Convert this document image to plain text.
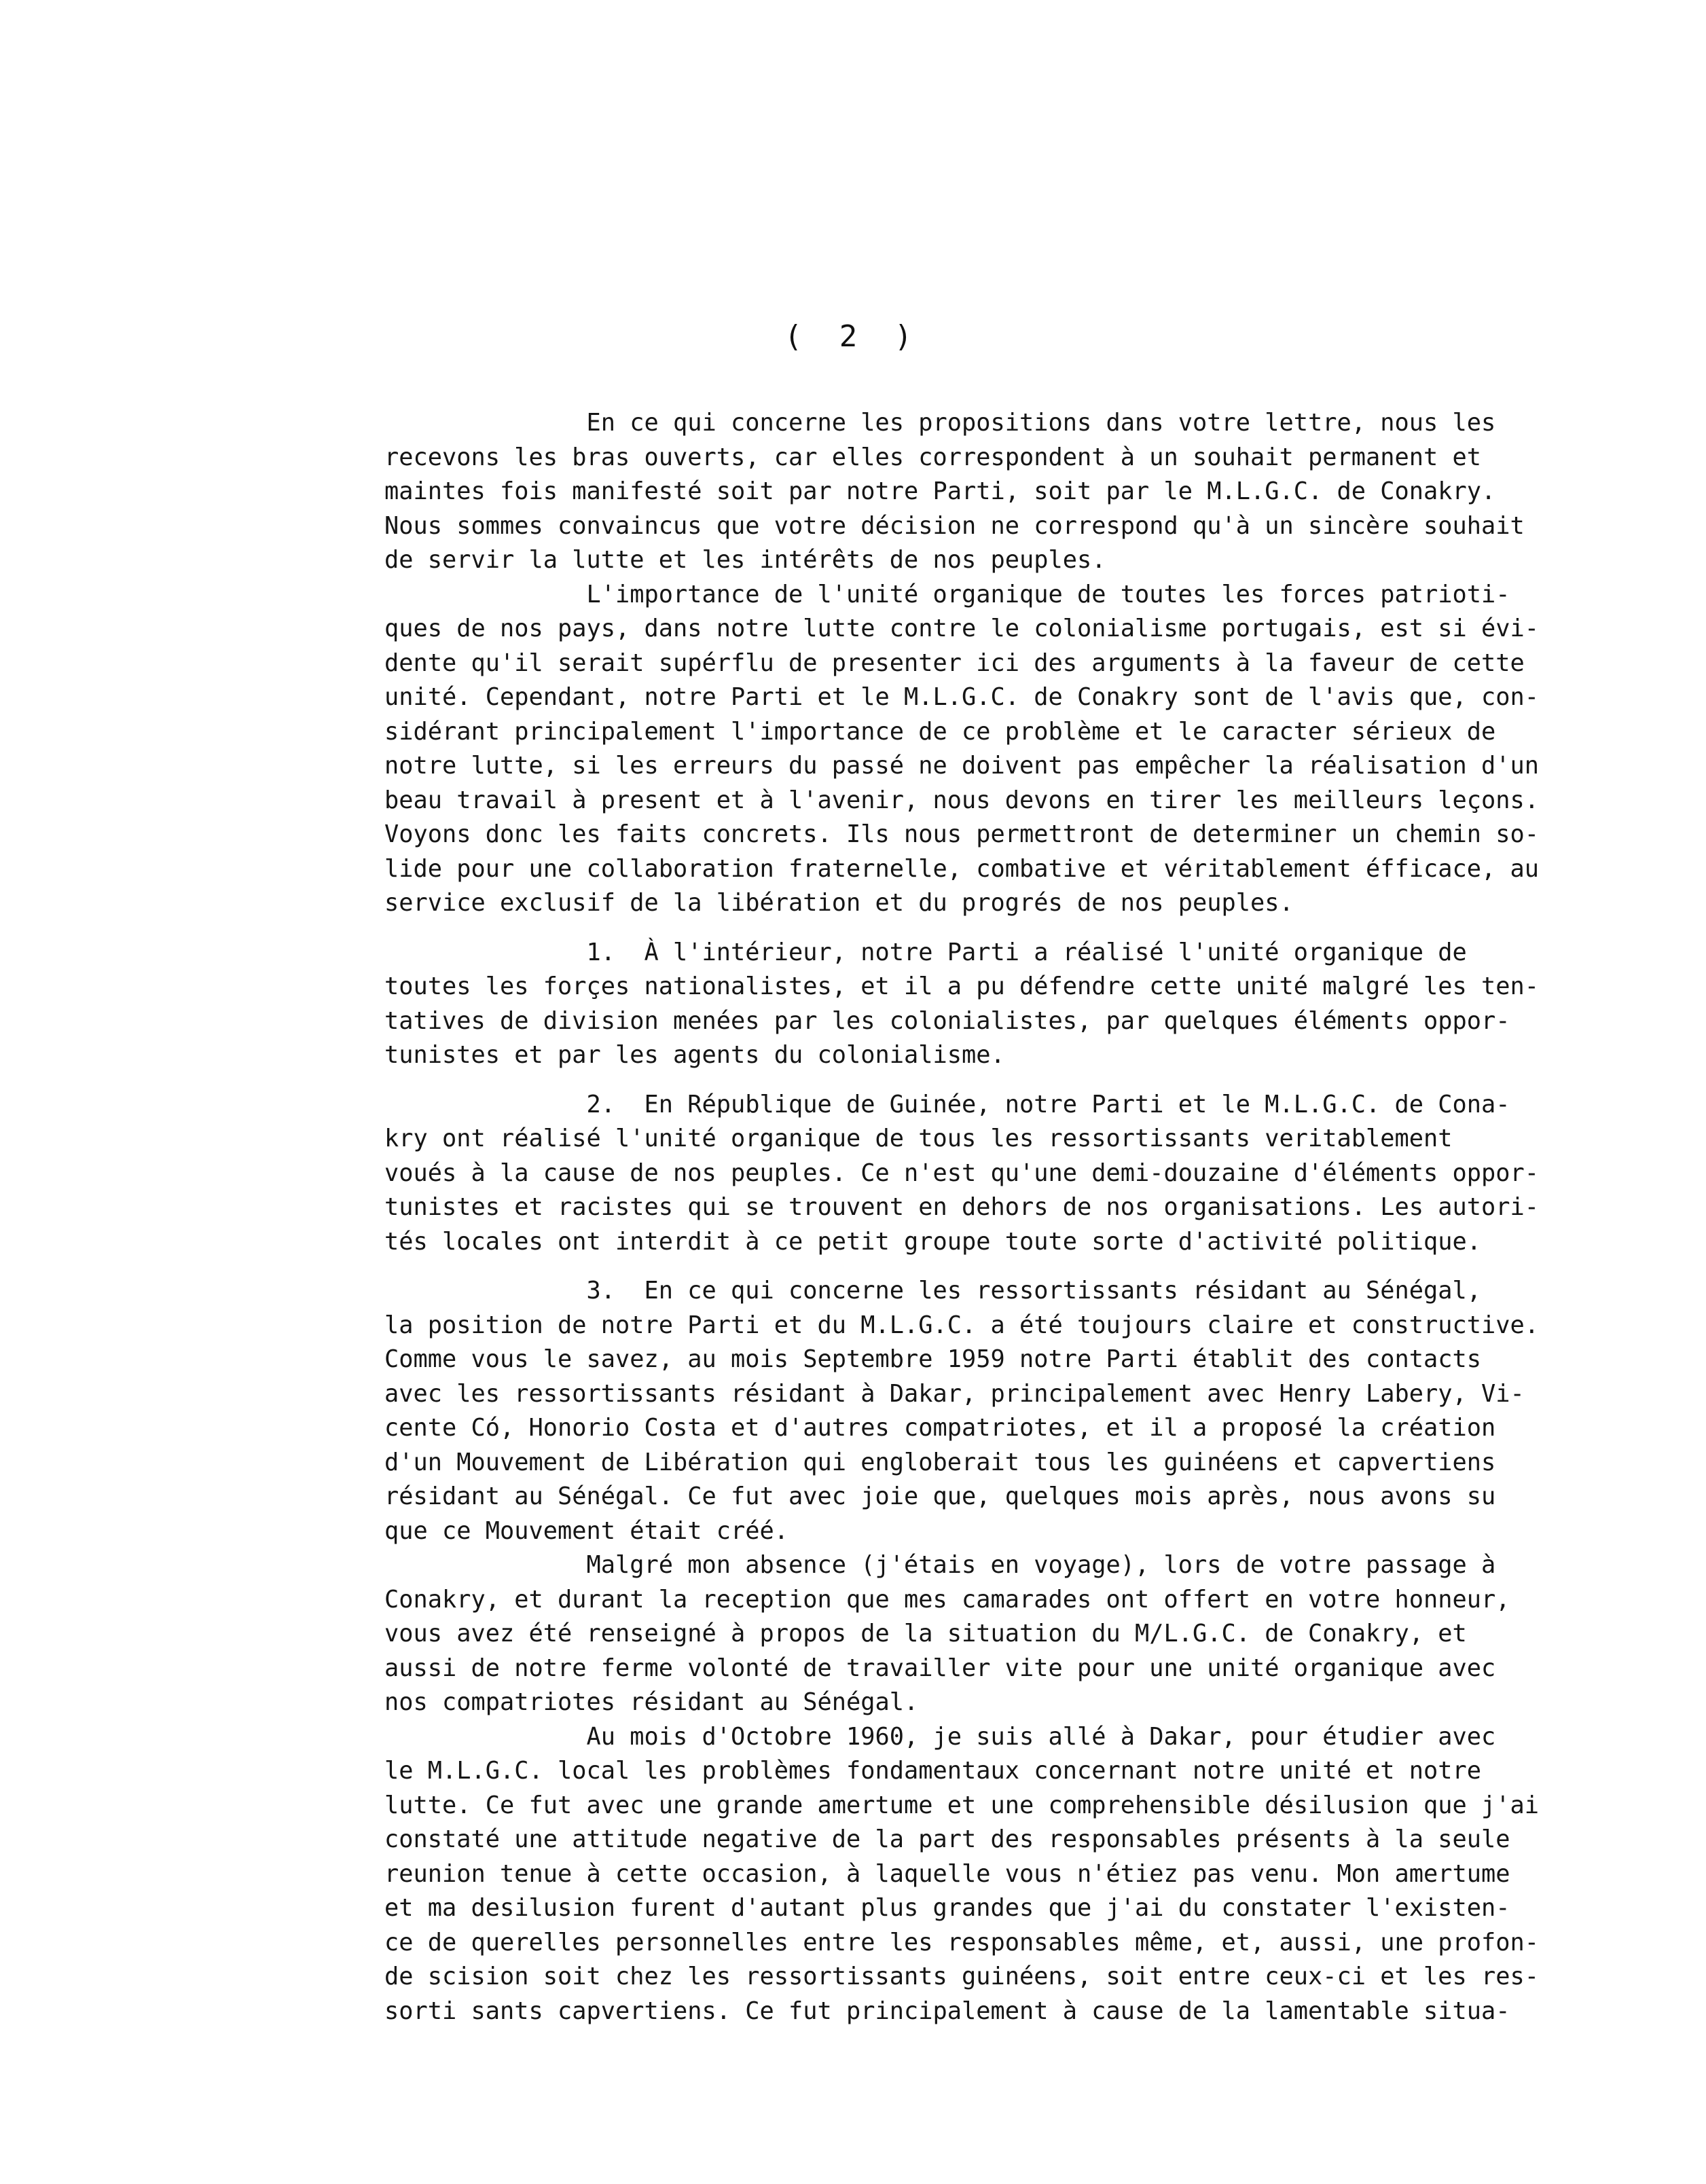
( 2 )
En ce qui concerne les propositions dans votre lettre, nous les
recevons les bras ouverts, car elles correspondent à un souhait permanent et
maintes fois manifesté soit par notre Parti, soit par le M.L.G.C. de Conakry.
Nous sommes convaincus que votre décision ne correspond qu'à un sincère souhait
de servir la lutte et les intérêts de nos peuples.
L'importance de l'unité organique de toutes les forces patrioti-
ques de nos pays, dans notre lutte contre le colonialisme portugais, est si évi-
dente qu'il serait supérflu de presenter ici des arguments à la faveur de cette
unité. Cependant, notre Parti et le M.L.G.C. de Conakry sont de l'avis que, con-
sidérant principalement l'importance de ce problème et le caracter sérieux de
notre lutte, si les erreurs du passé ne doivent pas empêcher la réalisation d'un
beau travail à present et à l'avenir, nous devons en tirer les meilleurs leçons.
Voyons donc les faits concrets. Ils nous permettront de determiner un chemin so-
lide pour une collaboration fraternelle, combative et véritablement éfficace, au
service exclusif de la libération et du progrés de nos peuples.
1.  À l'intérieur, notre Parti a réalisé l'unité organique de
toutes les forçes nationalistes, et il a pu défendre cette unité malgré les ten-
tatives de division menées par les colonialistes, par quelques éléments oppor-
tunistes et par les agents du colonialisme.
2.  En République de Guinée, notre Parti et le M.L.G.C. de Cona-
kry ont réalisé l'unité organique de tous les ressortissants veritablement
voués à la cause de nos peuples. Ce n'est qu'une demi-douzaine d'éléments oppor-
tunistes et racistes qui se trouvent en dehors de nos organisations. Les autori-
tés locales ont interdit à ce petit groupe toute sorte d'activité politique.
3.  En ce qui concerne les ressortissants résidant au Sénégal,
la position de notre Parti et du M.L.G.C. a été toujours claire et constructive.
Comme vous le savez, au mois Septembre 1959 notre Parti établit des contacts
avec les ressortissants résidant à Dakar, principalement avec Henry Labery, Vi-
cente Có, Honorio Costa et d'autres compatriotes, et il a proposé la création
d'un Mouvement de Libération qui engloberait tous les guinéens et capvertiens
résidant au Sénégal. Ce fut avec joie que, quelques mois après, nous avons su
que ce Mouvement était créé.
Malgré mon absence (j'étais en voyage), lors de votre passage à
Conakry, et durant la reception que mes camarades ont offert en votre honneur,
vous avez été renseigné à propos de la situation du M/L.G.C. de Conakry, et
aussi de notre ferme volonté de travailler vite pour une unité organique avec
nos compatriotes résidant au Sénégal.
Au mois d'Octobre 1960, je suis allé à Dakar, pour étudier avec
le M.L.G.C. local les problèmes fondamentaux concernant notre unité et notre
lutte. Ce fut avec une grande amertume et une comprehensible désilusion que j'ai
constaté une attitude negative de la part des responsables présents à la seule
reunion tenue à cette occasion, à laquelle vous n'étiez pas venu. Mon amertume
et ma desilusion furent d'autant plus grandes que j'ai du constater l'existen-
ce de querelles personnelles entre les responsables même, et, aussi, une profon-
de scision soit chez les ressortissants guinéens, soit entre ceux-ci et les res-
sorti sants capvertiens. Ce fut principalement à cause de la lamentable situa-
